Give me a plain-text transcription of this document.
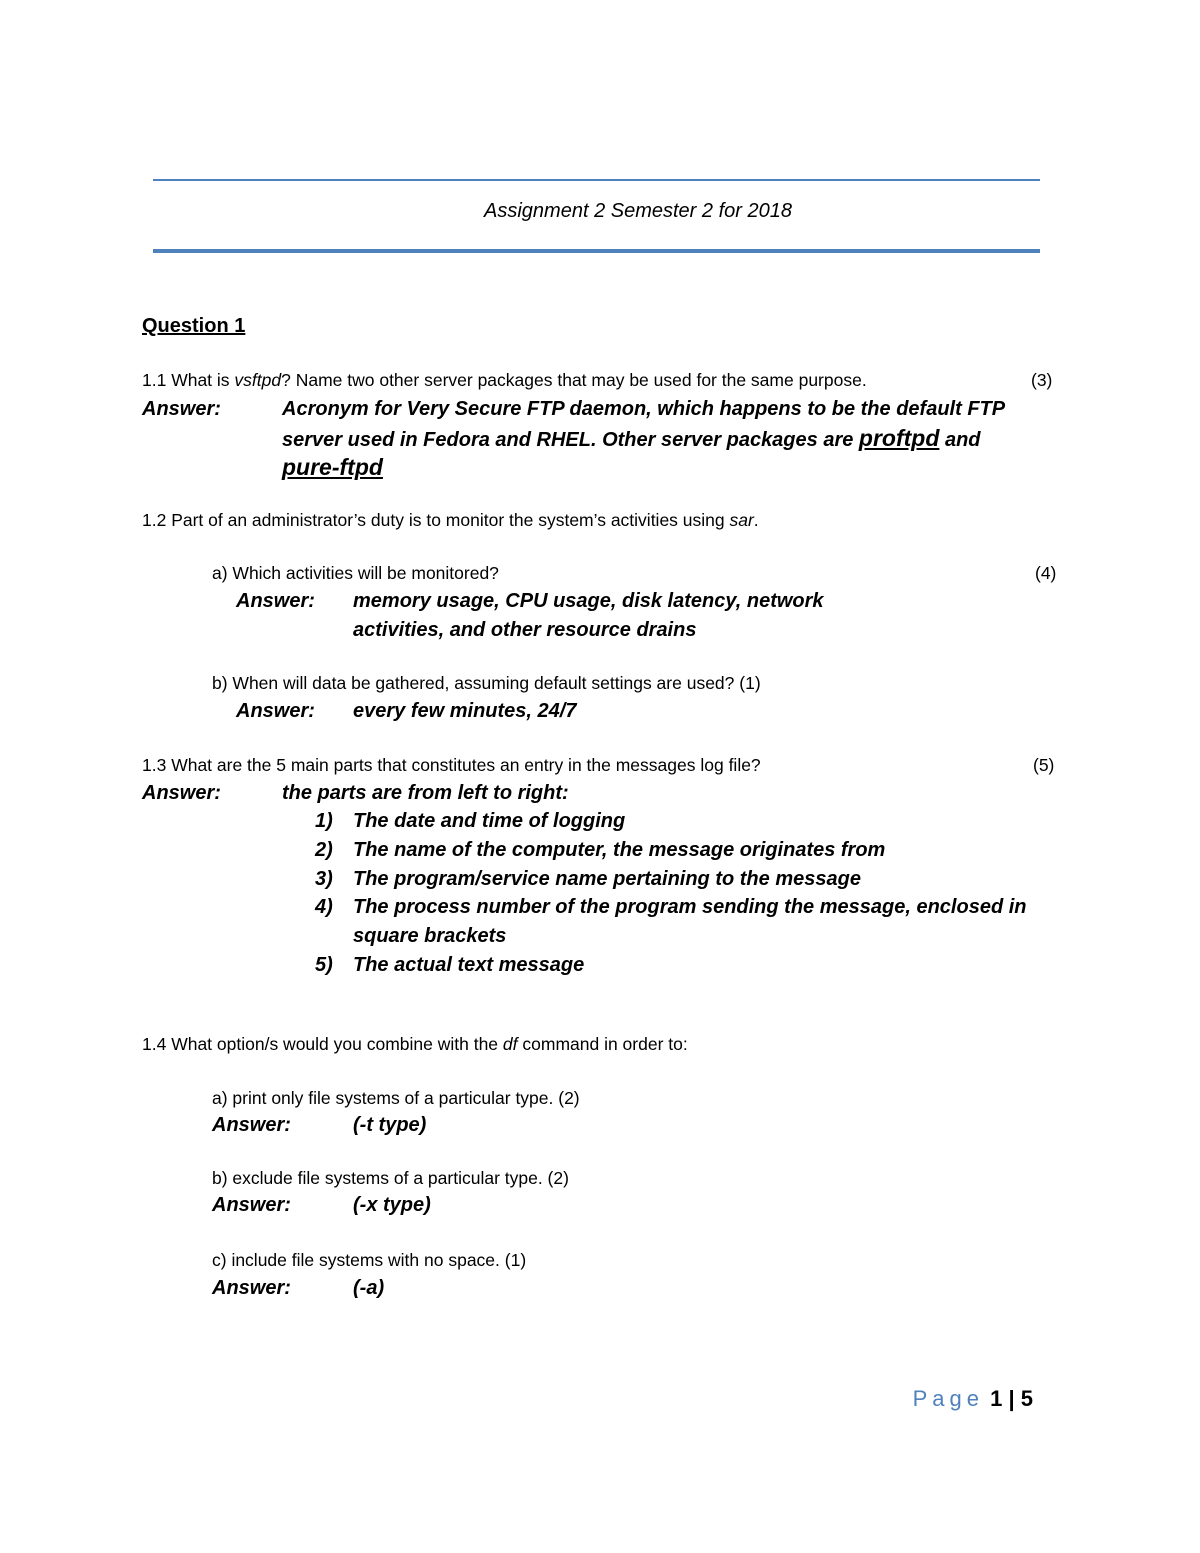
Assignment 2 Semester 2 for 2018
Question 1
1.1 What is vsftpd? Name two other server packages that may be used for the same purpose.	(3)
Answer:	Acronym for Very Secure FTP daemon, which happens to be the default FTP
server used in Fedora and RHEL. Other server packages are proftpd and
pure-ftpd
1.2 Part of an administrator’s duty is to monitor the system’s activities using sar.
a) Which activities will be monitored?	(4)
Answer: memory usage, CPU usage, disk latency, network
activities, and other resource drains
b) When will data be gathered, assuming default settings are used? (1)
Answer: every few minutes, 24/7
1.3 What are the 5 main parts that constitutes an entry in the messages log file?	(5)
Answer:	the parts are from left to right:
1) The date and time of logging
2) The name of the computer, the message originates from
3) The program/service name pertaining to the message
4) The process number of the program sending the message, enclosed in
square brackets
5) The actual text message
1.4 What option/s would you combine with the df command in order to:
a) print only file systems of a particular type. (2)
Answer:	(-t type)
b) exclude file systems of a particular type. (2)
Answer:	(-x type)
c) include file systems with no space. (1)
Answer:	(-a)
Page 1 | 5
